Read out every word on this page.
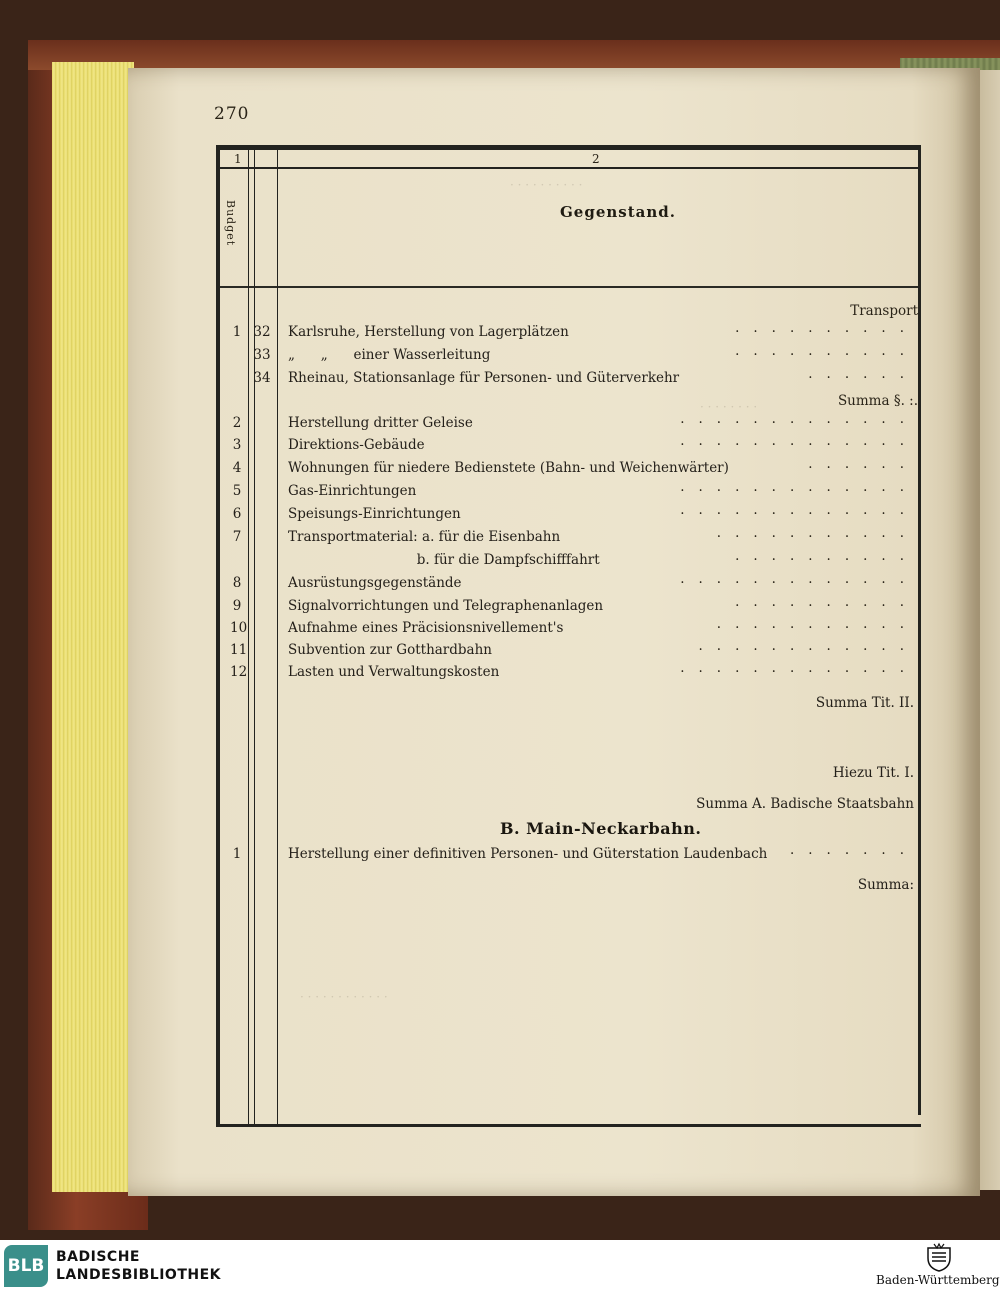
· · · · · · · · · ·
· · · · · · · ·
· · · · · · · · · · · ·
270
1	2
Budget	Gegenstand.
Transport
1 32 Karlsruhe, Herstellung von Lagerplätzen	··········
33 „      „      einer Wasserleitung	··········
34 Rheinau, Stationsanlage für Personen- und Güterverkehr	······
Summa §. :.
2	Herstellung dritter Geleise	·············
3	Direktions-Gebäude	·············
4	Wohnungen für niedere Bedienstete (Bahn- und Weichenwärter)	······
5	Gas-Einrichtungen	·············
6	Speisungs-Einrichtungen	·············
7	Transportmaterial: a. für die Eisenbahn	···········
b. für die Dampfschifffahrt	··········
8	Ausrüstungsgegenstände	·············
9	Signalvorrichtungen und Telegraphenanlagen	··········
10	Aufnahme eines Präcisionsnivellement's	···········
11	Subvention zur Gotthardbahn	············
12	Lasten und Verwaltungskosten	·············
Summa Tit. II.
Hiezu Tit. I.
Summa A. Badische Staatsbahn
B. Main-Neckarbahn.
1	Herstellung einer definitiven Personen- und Güterstation Laudenbach ·······
Summa:
BLB BADISCHE
LANDESBIBLIOTHEK	Baden-Württemberg
